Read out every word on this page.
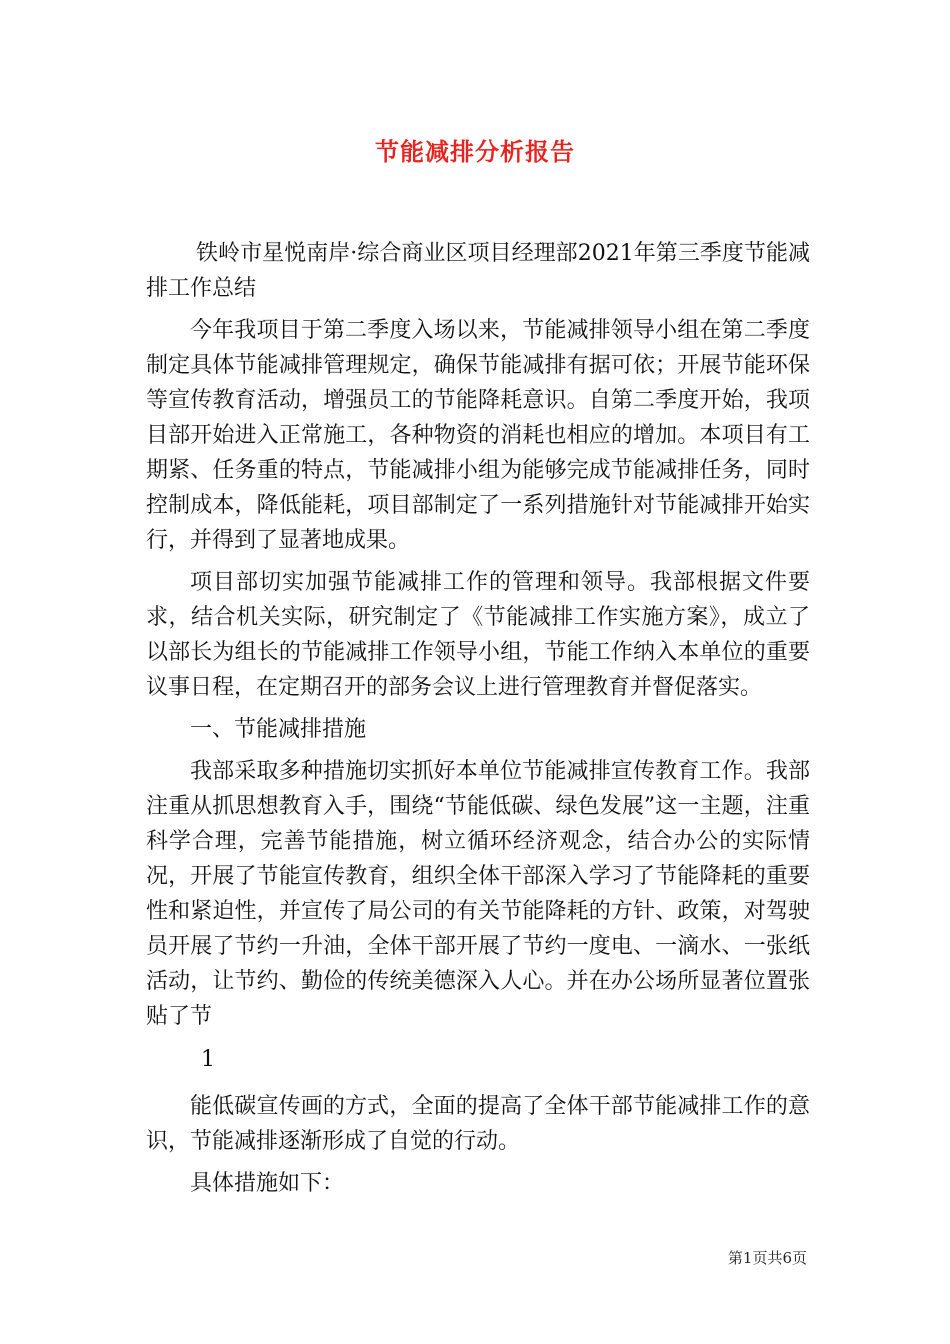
节能减排分析报告

铁岭市星悦南岸·综合商业区项目经理部2021年第三季度节能减排工作总结

今年我项目于第二季度入场以来，节能减排领导小组在第二季度制定具体节能减排管理规定，确保节能减排有据可依；开展节能环保等宣传教育活动，增强员工的节能降耗意识。自第二季度开始，我项目部开始进入正常施工，各种物资的消耗也相应的增加。本项目有工期紧、任务重的特点，节能减排小组为能够完成节能减排任务，同时控制成本，降低能耗，项目部制定了一系列措施针对节能减排开始实行，并得到了显著地成果。

项目部切实加强节能减排工作的管理和领导。我部根据文件要求，结合机关实际，研究制定了《节能减排工作实施方案》，成立了以部长为组长的节能减排工作领导小组，节能工作纳入本单位的重要议事日程，在定期召开的部务会议上进行管理教育并督促落实。

一、节能减排措施

我部采取多种措施切实抓好本单位节能减排宣传教育工作。我部注重从抓思想教育入手，围绕“节能低碳、绿色发展”这一主题，注重科学合理，完善节能措施，树立循环经济观念，结合办公的实际情况，开展了节能宣传教育，组织全体干部深入学习了节能降耗的重要性和紧迫性，并宣传了局公司的有关节能降耗的方针、政策，对驾驶员开展了节约一升油，全体干部开展了节约一度电、一滴水、一张纸活动，让节约、勤俭的传统美德深入人心。并在办公场所显著位置张贴了节

1

能低碳宣传画的方式，全面的提高了全体干部节能减排工作的意识，节能减排逐渐形成了自觉的行动。

具体措施如下：

第1页共6页
